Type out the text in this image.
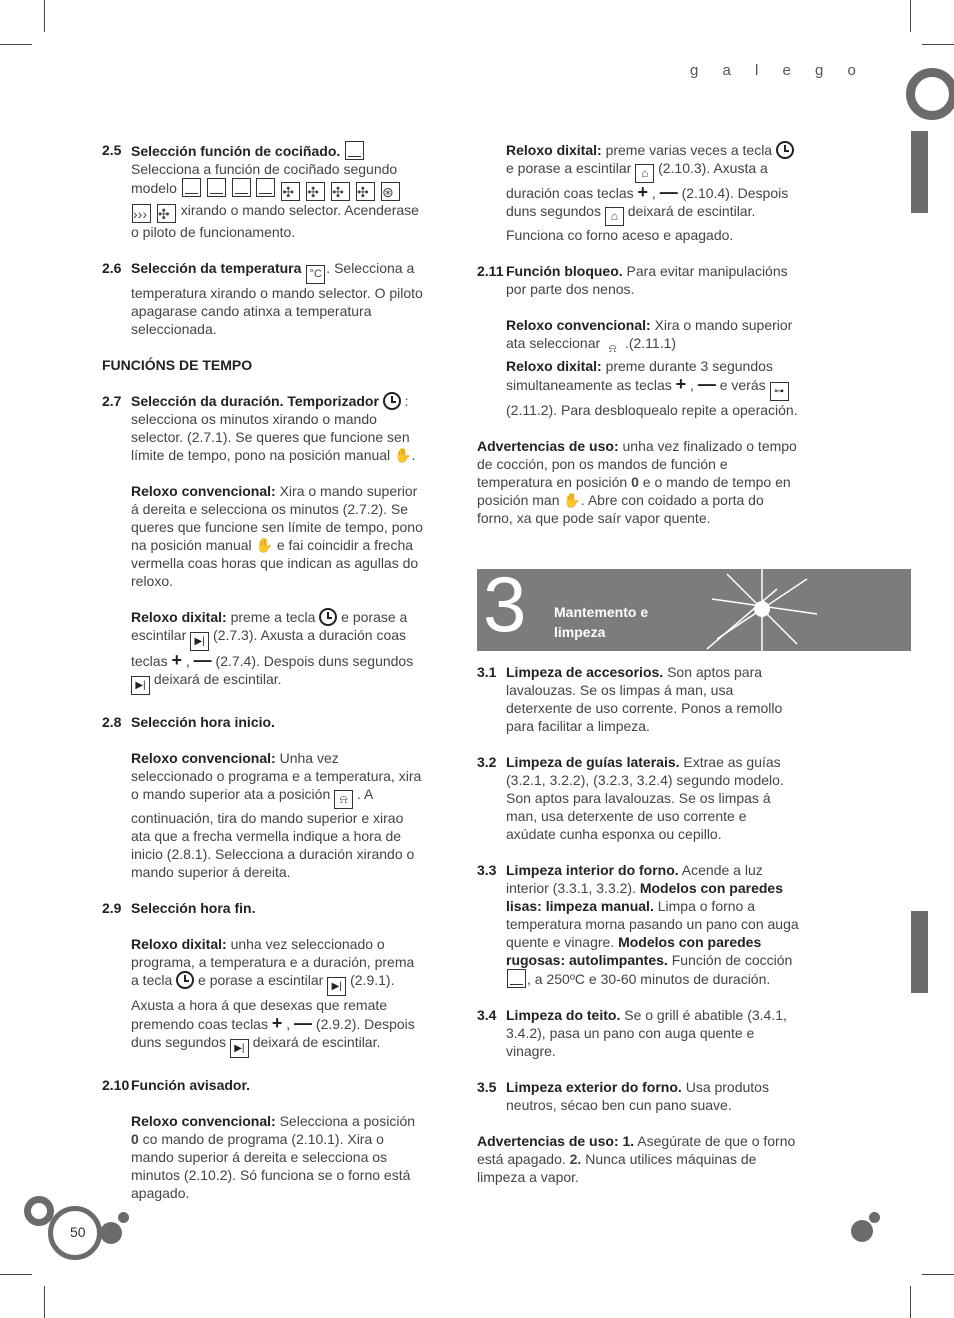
g a l e g o
2.5 Selección función de cociñado.  Selecciona a función de cociñado segundo modelo	✣ ✣ ✣ ✣ ⊛ ››› ✣ xirando o mando selector. Acenderase o piloto de funcionamento.
2.6 Selección da temperatura °C . Selecciona a temperatura xirando o mando selector. O piloto apagarase cando atinxa a temperatura seleccionada.
FUNCIÓNS DE TEMPO
2.7 Selección da duración. Temporizador  : selecciona os minutos xirando o mando selector. (2.7.1). Se queres que funcione sen límite de tempo, pono na posición manual ✋.

Reloxo convencional: Xira o mando superior á dereita e selecciona os minutos (2.7.2). Se queres que funcione sen límite de tempo, pono na posición manual ✋ e fai coincidir a frecha vermella coas horas que indican as agullas do reloxo.

Reloxo dixital: preme a tecla  e porase a escintilar ▶| (2.7.3). Axusta a duración coas teclas + , — (2.7.4). Despois duns segundos ▶| deixará de escintilar.
2.8 Selección hora inicio.

Reloxo convencional: Unha vez seleccionado o programa e a temperatura, xira o mando superior ata a posición ⍾ . A continuación, tira do mando superior e xirao ata que a frecha vermella indique a hora de inicio (2.8.1). Selecciona a duración xirando o mando superior á dereita.
2.9 Selección hora fin.

Reloxo dixital: unha vez seleccionado o programa, a temperatura e a duración, prema a tecla  e porase a escintilar ▶| (2.9.1). Axusta a hora á que desexas que remate premendo coas teclas + , — (2.9.2). Despois duns segundos ▶| deixará de escintilar.
2.10 Función avisador.

Reloxo convencional: Selecciona a posición 0 co mando de programa (2.10.1). Xira o mando superior á dereita e selecciona os minutos (2.10.2). Só funciona se o forno está apagado.
Reloxo dixital: preme varias veces a tecla  e porase a escintilar ⌂ (2.10.3). Axusta a duración coas teclas + , — (2.10.4). Despois duns segundos ⌂ deixará de escintilar. Funciona co forno aceso e apagado.
2.11 Función bloqueo. Para evitar manipulacións por parte dos nenos.

Reloxo convencional: Xira o mando superior ata seleccionar ⍾ .(2.11.1)
Reloxo dixital: preme durante 3 segundos simultaneamente as teclas + , — e verás ⊶ (2.11.2). Para desbloquealo repite a operación.
Advertencias de uso: unha vez finalizado o tempo de cocción, pon os mandos de función e temperatura en posición 0 e o mando de tempo en posición man ✋. Abre con coidado a porta do forno, xa que pode saír vapor quente.
3 Mantemento e
limpeza
3.1 Limpeza de accesorios. Son aptos para lavalouzas. Se os limpas á man, usa deterxente de uso corrente. Ponos a remollo para facilitar a limpeza.
3.2 Limpeza de guías laterais. Extrae as guías (3.2.1, 3.2.2), (3.2.3, 3.2.4) segundo modelo. Son aptos para lavalouzas. Se os limpas á man, usa deterxente de uso corrente e axúdate cunha esponxa ou cepillo.
3.3 Limpeza interior do forno. Acende a luz interior (3.3.1, 3.3.2). Modelos con paredes lisas: limpeza manual. Limpa o forno a temperatura morna pasando un pano con auga quente e vinagre. Modelos con paredes rugosas: autolimpantes. Función de cocción , a 250ºC e 30-60 minutos de duración.
3.4 Limpeza do teito. Se o grill é abatible (3.4.1, 3.4.2), pasa un pano con auga quente e vinagre.
3.5 Limpeza exterior do forno. Usa produtos neutros, sécao ben cun pano suave.
Advertencias de uso: 1. Asegúrate de que o forno está apagado. 2. Nunca utilices máquinas de limpeza a vapor.
50
